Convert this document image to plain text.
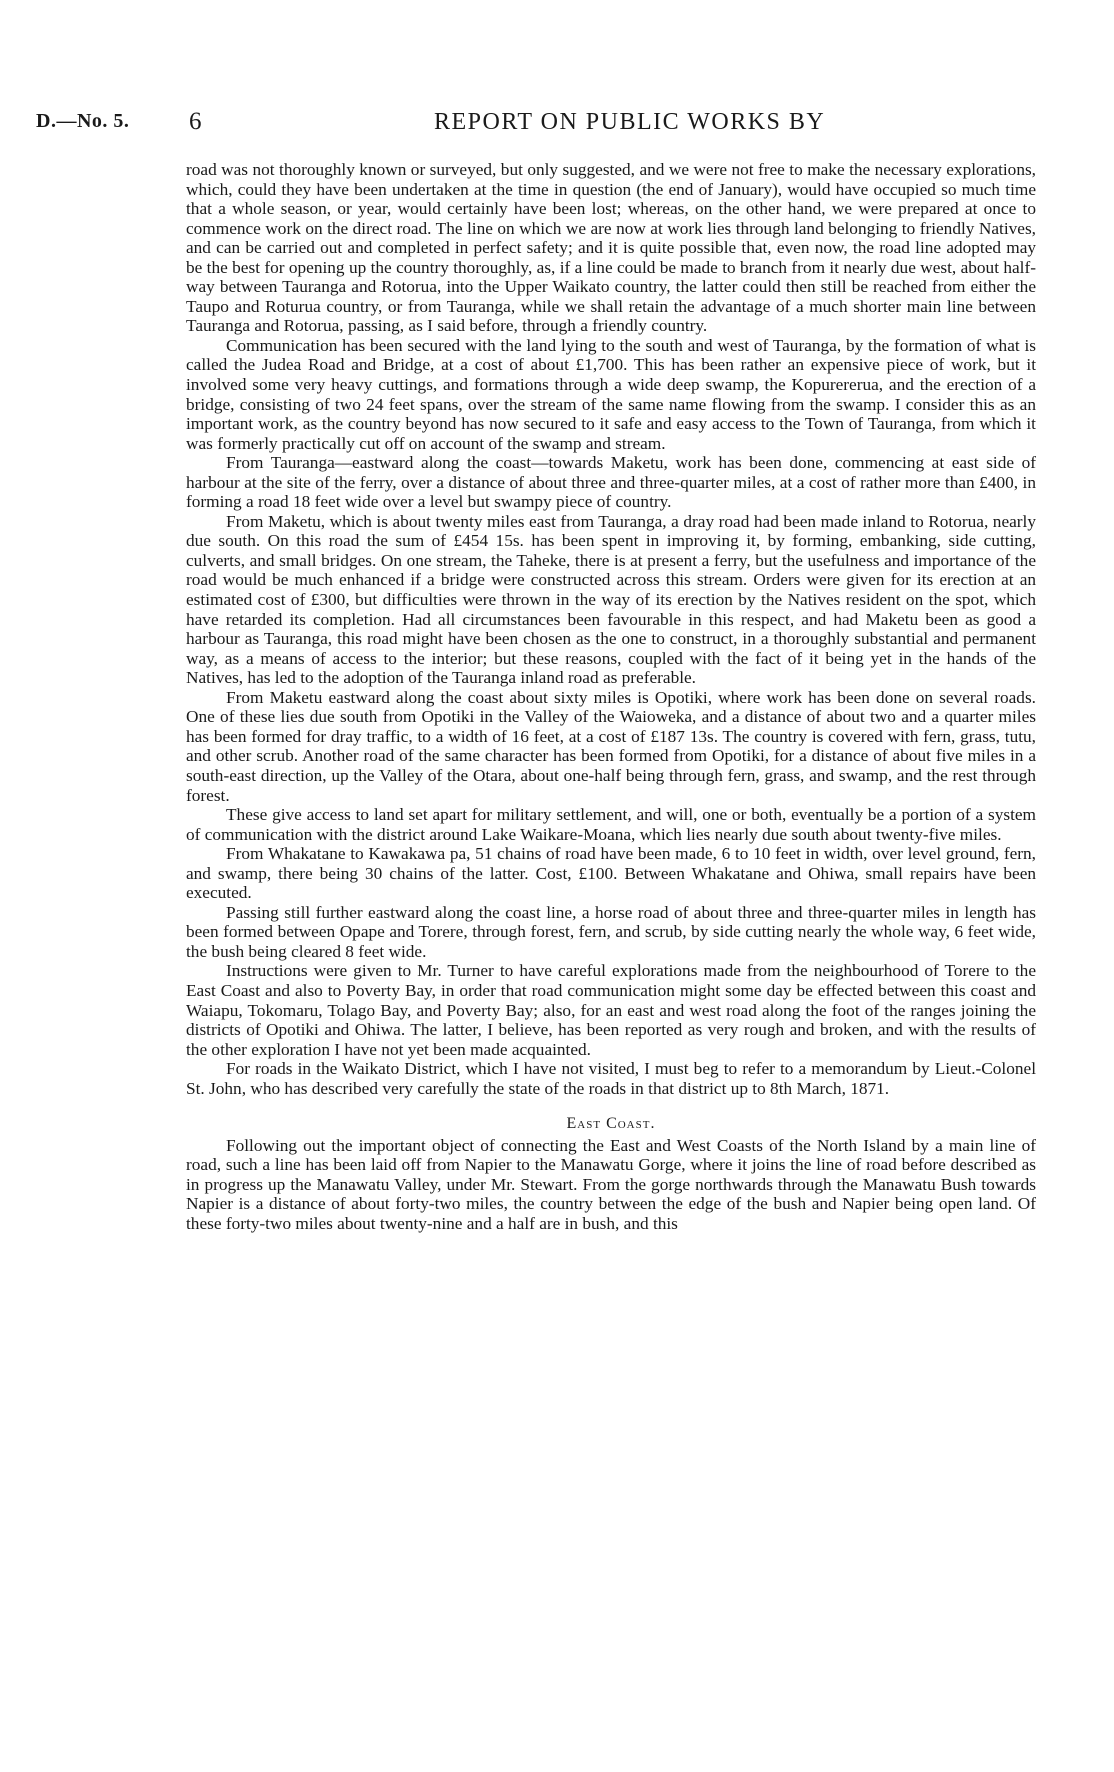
D.—No. 5. 6	REPORT ON PUBLIC WORKS BY

road was not thoroughly known or surveyed, but only suggested, and we were not free to make the necessary explorations, which, could they have been undertaken at the time in question (the end of January), would have occupied so much time that a whole season, or year, would certainly have been lost; whereas, on the other hand, we were prepared at once to commence work on the direct road. The line on which we are now at work lies through land belonging to friendly Natives, and can be carried out and completed in perfect safety; and it is quite possible that, even now, the road line adopted may be the best for opening up the country thoroughly, as, if a line could be made to branch from it nearly due west, about half-way between Tauranga and Rotorua, into the Upper Waikato country, the latter could then still be reached from either the Taupo and Roturua country, or from Tauranga, while we shall retain the advantage of a much shorter main line between Tauranga and Rotorua, passing, as I said before, through a friendly country.

Communication has been secured with the land lying to the south and west of Tauranga, by the formation of what is called the Judea Road and Bridge, at a cost of about £1,700. This has been rather an expensive piece of work, but it involved some very heavy cuttings, and formations through a wide deep swamp, the Kopurererua, and the erection of a bridge, consisting of two 24 feet spans, over the stream of the same name flowing from the swamp. I consider this as an important work, as the country beyond has now secured to it safe and easy access to the Town of Tauranga, from which it was formerly practically cut off on account of the swamp and stream.

From Tauranga—eastward along the coast—towards Maketu, work has been done, commencing at east side of harbour at the site of the ferry, over a distance of about three and three-quarter miles, at a cost of rather more than £400, in forming a road 18 feet wide over a level but swampy piece of country.

From Maketu, which is about twenty miles east from Tauranga, a dray road had been made inland to Rotorua, nearly due south. On this road the sum of £454 15s. has been spent in improving it, by forming, embanking, side cutting, culverts, and small bridges. On one stream, the Taheke, there is at present a ferry, but the usefulness and importance of the road would be much enhanced if a bridge were constructed across this stream. Orders were given for its erection at an estimated cost of £300, but difficulties were thrown in the way of its erection by the Natives resident on the spot, which have retarded its completion. Had all circumstances been favourable in this respect, and had Maketu been as good a harbour as Tauranga, this road might have been chosen as the one to construct, in a thoroughly substantial and permanent way, as a means of access to the interior; but these reasons, coupled with the fact of it being yet in the hands of the Natives, has led to the adoption of the Tauranga inland road as preferable.

From Maketu eastward along the coast about sixty miles is Opotiki, where work has been done on several roads. One of these lies due south from Opotiki in the Valley of the Waioweka, and a distance of about two and a quarter miles has been formed for dray traffic, to a width of 16 feet, at a cost of £187 13s. The country is covered with fern, grass, tutu, and other scrub. Another road of the same character has been formed from Opotiki, for a distance of about five miles in a south-east direction, up the Valley of the Otara, about one-half being through fern, grass, and swamp, and the rest through forest.

These give access to land set apart for military settlement, and will, one or both, eventually be a portion of a system of communication with the district around Lake Waikare-Moana, which lies nearly due south about twenty-five miles.

From Whakatane to Kawakawa pa, 51 chains of road have been made, 6 to 10 feet in width, over level ground, fern, and swamp, there being 30 chains of the latter. Cost, £100. Between Whakatane and Ohiwa, small repairs have been executed.

Passing still further eastward along the coast line, a horse road of about three and three-quarter miles in length has been formed between Opape and Torere, through forest, fern, and scrub, by side cutting nearly the whole way, 6 feet wide, the bush being cleared 8 feet wide.

Instructions were given to Mr. Turner to have careful explorations made from the neighbourhood of Torere to the East Coast and also to Poverty Bay, in order that road communication might some day be effected between this coast and Waiapu, Tokomaru, Tolago Bay, and Poverty Bay; also, for an east and west road along the foot of the ranges joining the districts of Opotiki and Ohiwa. The latter, I believe, has been reported as very rough and broken, and with the results of the other exploration I have not yet been made acquainted.

For roads in the Waikato District, which I have not visited, I must beg to refer to a memorandum by Lieut.-Colonel St. John, who has described very carefully the state of the roads in that district up to 8th March, 1871.

East Coast.

Following out the important object of connecting the East and West Coasts of the North Island by a main line of road, such a line has been laid off from Napier to the Manawatu Gorge, where it joins the line of road before described as in progress up the Manawatu Valley, under Mr. Stewart. From the gorge northwards through the Manawatu Bush towards Napier is a distance of about forty-two miles, the country between the edge of the bush and Napier being open land. Of these forty-two miles about twenty-nine and a half are in bush, and this
